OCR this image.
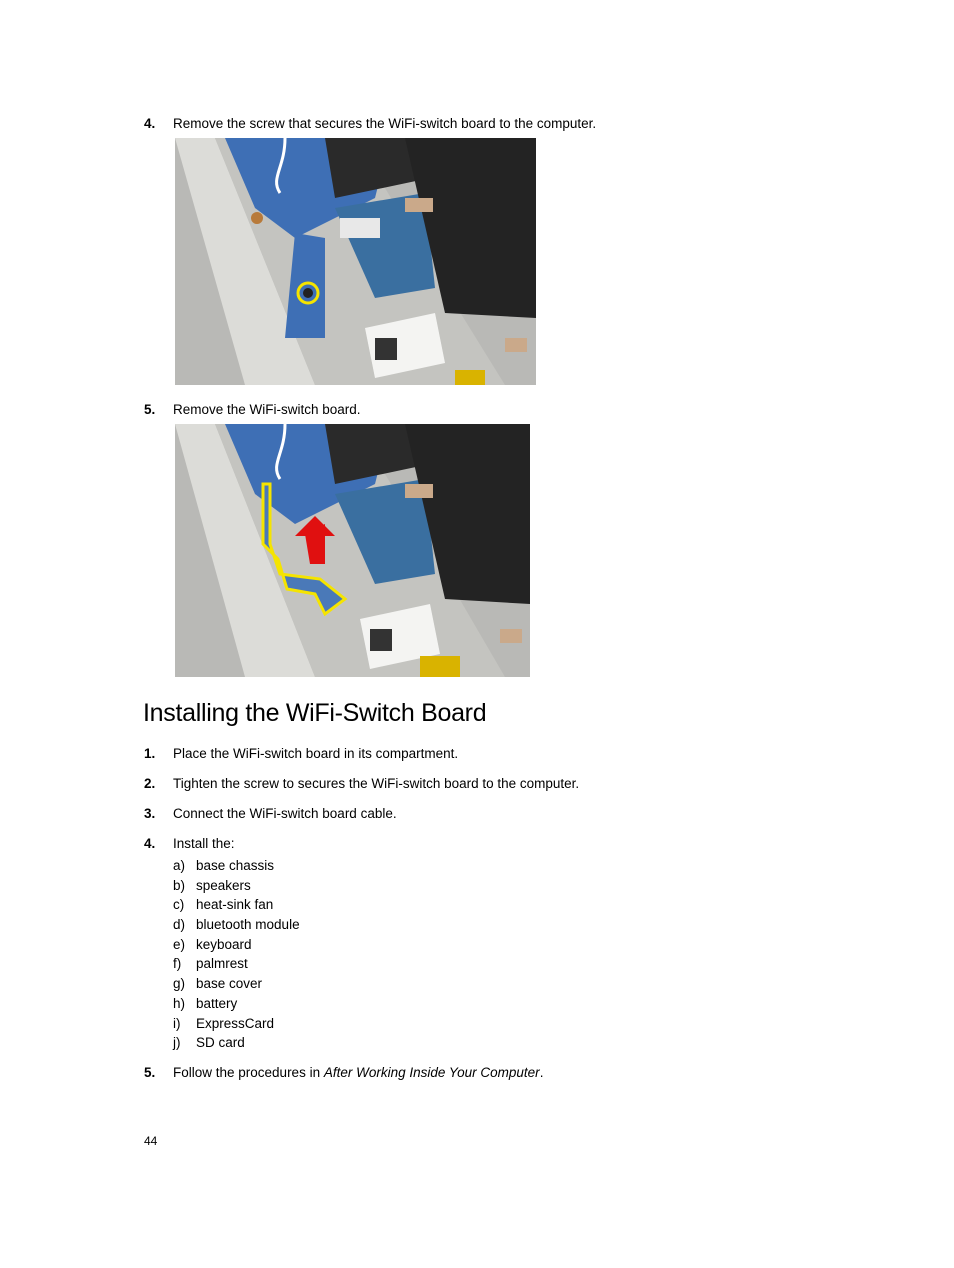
4. Remove the screw that secures the WiFi-switch board to the computer.
5. Remove the WiFi-switch board.
Installing the WiFi-Switch Board
1. Place the WiFi-switch board in its compartment.
2. Tighten the screw to secures the WiFi-switch board to the computer.
3. Connect the WiFi-switch board cable.
4. Install the:
a) base chassis
b) speakers
c) heat-sink fan
d) bluetooth module
e) keyboard
f) palmrest
g) base cover
h) battery
i) ExpressCard
j) SD card
5. Follow the procedures in After Working Inside Your Computer.
44
